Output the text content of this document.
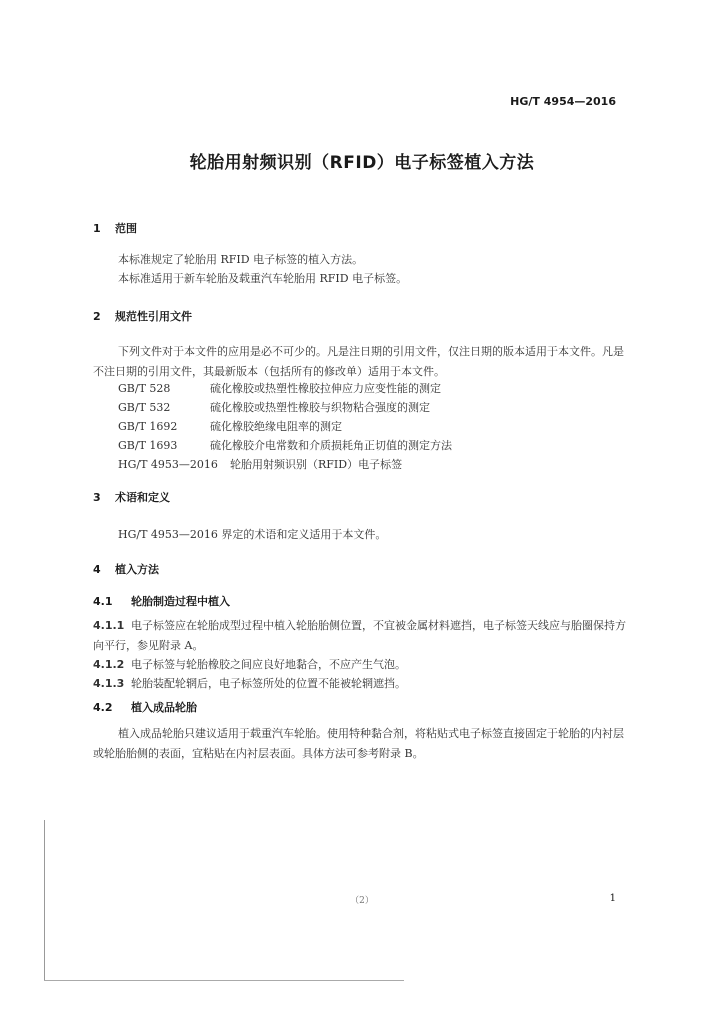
HG/T 4954—2016
轮胎用射频识别（RFID）电子标签植入方法
1 范围

本标准规定了轮胎用 RFID 电子标签的植入方法。

本标准适用于新车轮胎及载重汽车轮胎用 RFID 电子标签。

2 规范性引用文件

下列文件对于本文件的应用是必不可少的。凡是注日期的引用文件，仅注日期的版本适用于本文件。凡是不注日期的引用文件，其最新版本（包括所有的修改单）适用于本文件。

GB/T 528	硫化橡胶或热塑性橡胶拉伸应力应变性能的测定
GB/T 532	硫化橡胶或热塑性橡胶与织物粘合强度的测定
GB/T 1692	硫化橡胶绝缘电阻率的测定
GB/T 1693	硫化橡胶介电常数和介质损耗角正切值的测定方法
HG/T 4953—2016 轮胎用射频识别（RFID）电子标签
3 术语和定义

HG/T 4953—2016 界定的术语和定义适用于本文件。

4 植入方法
4.1 轮胎制造过程中植入
4.1.1 电子标签应在轮胎成型过程中植入轮胎胎侧位置，不宜被金属材料遮挡，电子标签天线应与胎圈保持方向平行，参见附录 A。
4.1.2 电子标签与轮胎橡胶之间应良好地黏合，不应产生气泡。
4.1.3 轮胎装配轮辋后，电子标签所处的位置不能被轮辋遮挡。
4.2 植入成品轮胎

植入成品轮胎只建议适用于载重汽车轮胎。使用特种黏合剂，将粘贴式电子标签直接固定于轮胎的内衬层或轮胎胎侧的表面，宜粘贴在内衬层表面。具体方法可参考附录 B。

（2）	1
